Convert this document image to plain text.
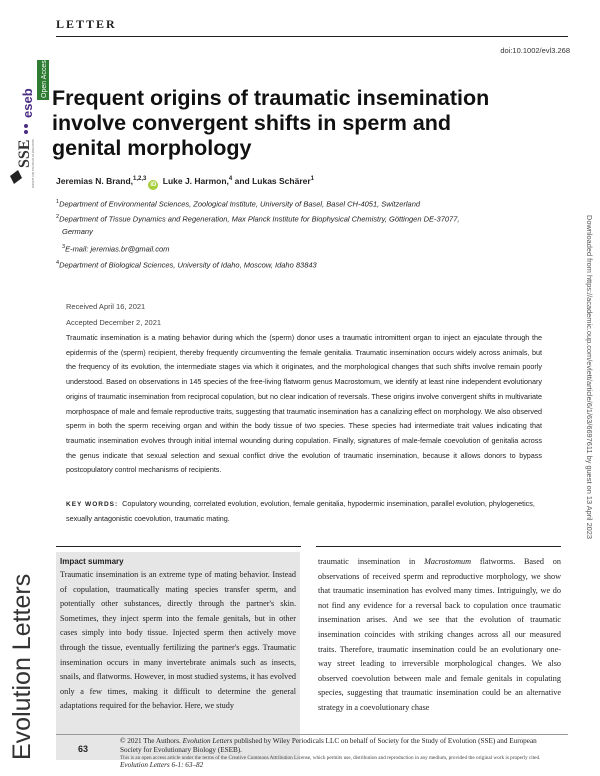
LETTER
doi:10.1002/evl3.268
Open Access
eseb
SSE SOCIETY FOR THE STUDY OF EVOLUTION
Frequent origins of traumatic insemination involve convergent shifts in sperm and genital morphology
Jeremias N. Brand,$^{1,2,3}$iD Luke J. Harmon,$^4$ and Lukas Schärer$^1$
$^1$Department of Environmental Sciences, Zoological Institute, University of Basel, Basel CH-4051, Switzerland
$^2$Department of Tissue Dynamics and Regeneration, Max Planck Institute for Biophysical Chemistry, Göttingen DE-37077,
Germany
$^3$E-mail: jeremias.br@gmail.com
$^4$Department of Biological Sciences, University of Idaho, Moscow, Idaho 83843
Received April 16, 2021
Accepted December 2, 2021
Traumatic insemination is a mating behavior during which the (sperm) donor uses a traumatic intromittent organ to inject an ejaculate through the epidermis of the (sperm) recipient, thereby frequently circumventing the female genitalia. Traumatic insemination occurs widely across animals, but the frequency of its evolution, the intermediate stages via which it originates, and the morphological changes that such shifts involve remain poorly understood. Based on observations in 145 species of the free-living flatworm genus Macrostomum, we identify at least nine independent evolutionary origins of traumatic insemination from reciprocal copulation, but no clear indication of reversals. These origins involve convergent shifts in multivariate morphospace of male and female reproductive traits, suggesting that traumatic insemination has a canalizing effect on morphology. We also observed sperm in both the sperm receiving organ and within the body tissue of two species. These species had intermediate trait values indicating that traumatic insemination evolves through initial internal wounding during copulation. Finally, signatures of male-female coevolution of genitalia across the genus indicate that sexual selection and sexual conflict drive the evolution of traumatic insemination, because it allows donors to bypass postcopulatory control mechanisms of recipients.
KEY WORDS: Copulatory wounding, correlated evolution, evolution, female genitalia, hypodermic insemination, parallel evolution, phylogenetics, sexually antagonistic coevolution, traumatic mating.
Evolution Letters
Impact summary
Traumatic insemination is an extreme type of mating behavior. Instead of copulation, traumatically mating species transfer sperm, and potentially other substances, directly through the partner's skin. Sometimes, they inject sperm into the female genitals, but in other cases simply into body tissue. Injected sperm then actively move through the tissue, eventually fertilizing the partner's eggs. Traumatic insemination occurs in many invertebrate animals such as insects, snails, and flatworms. However, in most studied systems, it has evolved only a few times, making it difficult to determine the general adaptations required for the behavior. Here, we study
traumatic insemination in Macrostomum flatworms. Based on observations of received sperm and reproductive morphology, we show that traumatic insemination has evolved many times. Intriguingly, we do not find any evidence for a reversal back to copulation once traumatic insemination arises. And we see that the evolution of traumatic insemination coincides with striking changes across all our measured traits. Therefore, traumatic insemination could be an evolutionary one-way street leading to irreversible morphological changes. We also observed coevolution between male and female genitals in copulating species, suggesting that traumatic insemination could be an alternative strategy in a coevolutionary chase
Downloaded from https://academic.oup.com/evlett/article/6/1/63/6697611 by guest on 13 April 2023
63
© 2021 The Authors. Evolution Letters published by Wiley Periodicals LLC on behalf of Society for the Study of Evolution (SSE) and European Society for Evolutionary Biology (ESEB).
This is an open access article under the terms of the Creative Commons Attribution License, which permits use, distribution and reproduction in any medium, provided the original work is properly cited.
Evolution Letters 6-1: 63–82
